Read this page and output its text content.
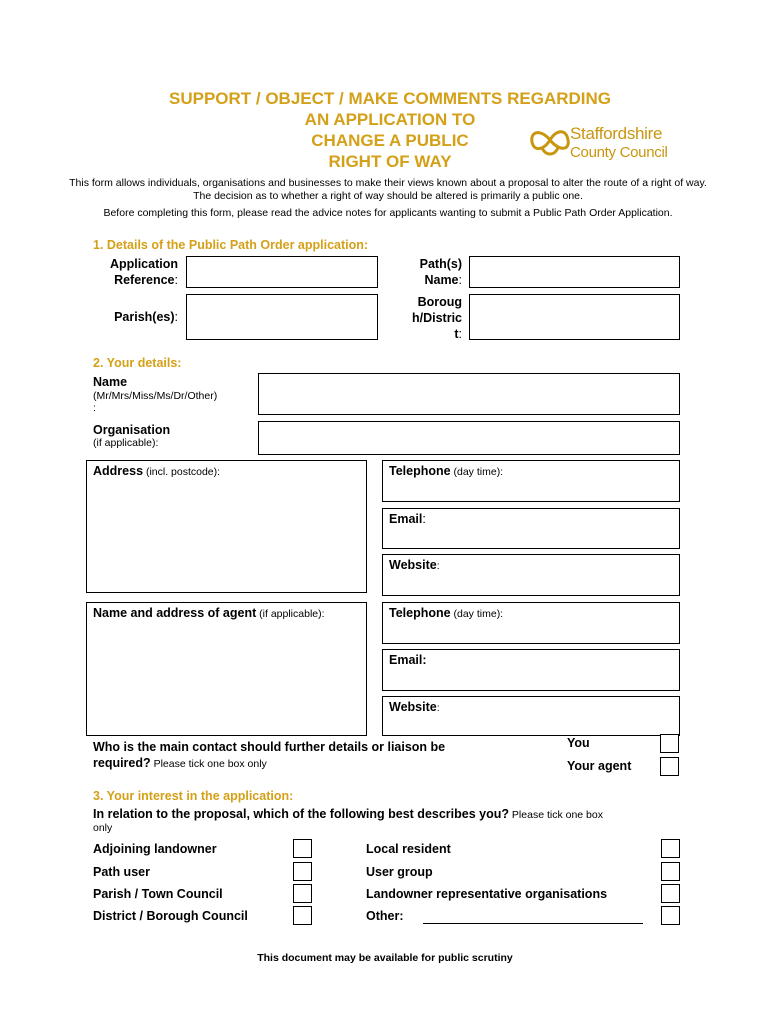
SUPPORT / OBJECT / MAKE COMMENTS REGARDING
AN APPLICATION TO
CHANGE A PUBLIC
RIGHT OF WAY
Staffordshire
County Council
This form allows individuals, organisations and businesses to make their views known about a proposal to alter the route of a right of way. The decision as to whether a right of way should be altered is primarily a public one.
Before completing this form, please read the advice notes for applicants wanting to submit a Public Path Order Application.
1. Details of the Public Path Order application:
Application
Reference:
Path(s)
Name:
Parish(es):
Boroug
h/Distric
t:
2. Your details:
Name
(Mr/Mrs/Miss/Ms/Dr/Other)
:
Organisation
(if applicable):
Address (incl. postcode):	Telephone (day time):
Email:
Website:
Name and address of agent (if applicable):	Telephone (day time):
Email:
Website:
Who is the main contact should further details or liaison be
required? Please tick one box only
You
Your agent
3. Your interest in the application:
In relation to the proposal, which of the following best describes you? Please tick one box
only
Adjoining landowner
Path user
Parish / Town Council
District / Borough Council
Local resident
User group
Landowner representative organisations
Other:
This document may be available for public scrutiny
